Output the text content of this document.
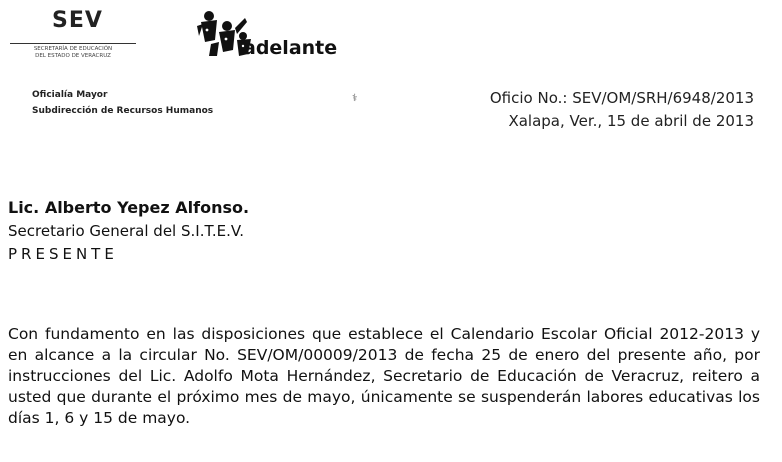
SEV
SECRETARÍA DE EDUCACIÓN
DEL ESTADO DE VERACRUZ	adelante
Oficialía Mayor
Subdirección de Recursos Humanos
⚕	Oficio No.: SEV/OM/SRH/6948/2013
Xalapa, Ver., 15 de abril de 2013
Lic. Alberto Yepez Alfonso.
Secretario General del S.I.T.E.V.
PRESENTE
Con fundamento en las disposiciones que establece el Calendario Escolar Oficial 2012-2013 y en alcance a la circular No. SEV/OM/00009/2013 de fecha 25 de enero del presente año, por instrucciones del Lic. Adolfo Mota Hernández, Secretario de Educación de Veracruz, reitero a usted que durante el próximo mes de mayo, únicamente se suspenderán labores educativas los días 1, 6 y 15 de mayo.
